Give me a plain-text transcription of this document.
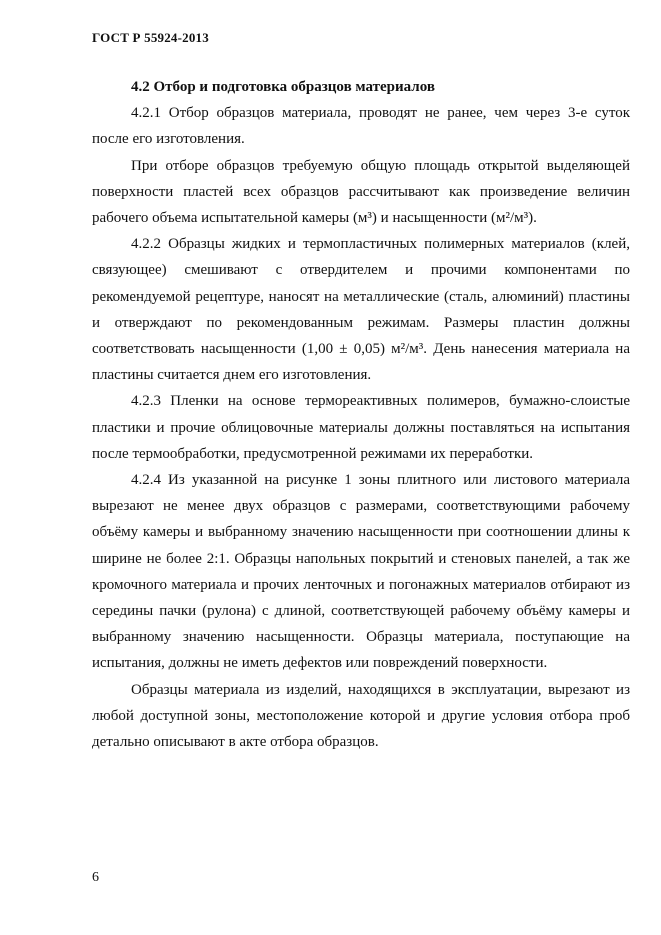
ГОСТ Р 55924-2013

4.2 Отбор и подготовка образцов материалов

4.2.1 Отбор образцов материала, проводят не ранее, чем через 3-е суток после его изготовления.

При отборе образцов требуемую общую площадь открытой выделяющей поверхности пластей всех образцов рассчитывают как произведение величин рабочего объема испытательной камеры (м³) и насыщенности (м²/м³).

4.2.2 Образцы жидких и термопластичных полимерных материалов (клей, связующее) смешивают с отвердителем и прочими компонентами по рекомендуемой рецептуре, наносят на металлические (сталь, алюминий) пластины и отверждают по рекомендованным режимам. Размеры пластин должны соответствовать насыщенности (1,00 ± 0,05) м²/м³. День нанесения материала на пластины считается днем его изготовления.

4.2.3 Пленки на основе термореактивных полимеров, бумажно-слоистые пластики и прочие облицовочные материалы должны поставляться на испытания после термообработки, предусмотренной режимами их переработки.

4.2.4 Из указанной на рисунке 1 зоны плитного или листового материала вырезают не менее двух образцов с размерами, соответствующими рабочему объёму камеры и выбранному значению насыщенности при соотношении длины к ширине не более 2:1. Образцы напольных покрытий и стеновых панелей, а так же кромочного материала и прочих ленточных и погонажных материалов отбирают из середины пачки (рулона) с длиной, соответствующей рабочему объёму камеры и выбранному значению насыщенности. Образцы материала, поступающие на испытания, должны не иметь дефектов или повреждений поверхности.

Образцы материала из изделий, находящихся в эксплуатации, вырезают из любой доступной зоны, местоположение которой и другие условия отбора проб детально описывают в акте отбора образцов.

6
